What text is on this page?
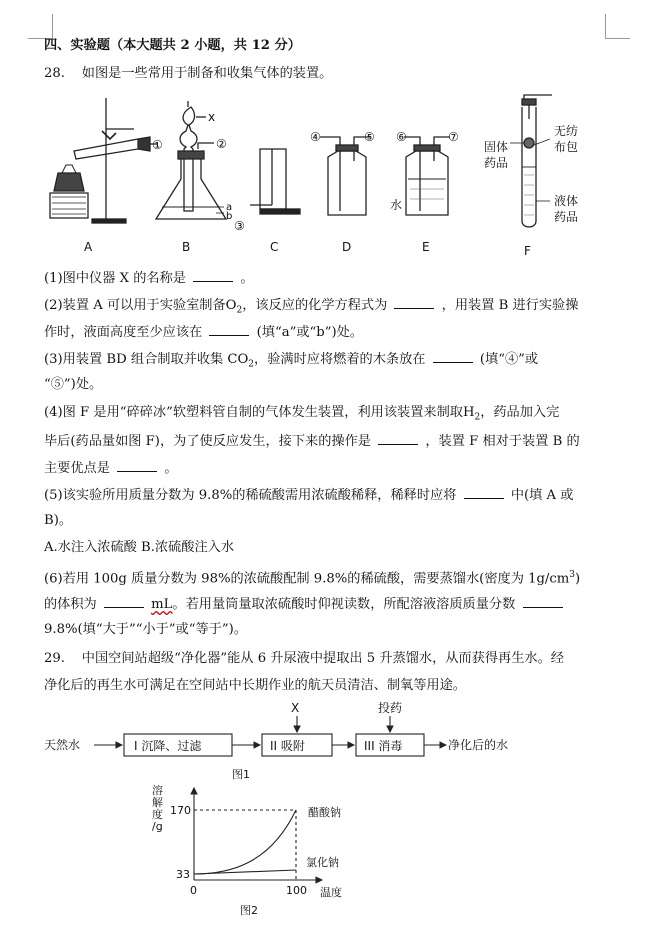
四、实验题（本大题共 2 小题，共 12 分）
28. 如图是一些常用于制备和收集气体的装置。
①
x
②
a
b
③
④	⑤ ⑥	⑦
水
固体
药品
无纺
布包
液体
药品
A	B	C	D	E	F
(1)图中仪器 X 的名称是	。
(2)装置 A 可以用于实验室制备$O_2$，该反应的化学方程式为	，用装置 B 进行实验操
作时，液面高度至少应该在	(填“a”或“b”)处。
(3)用装置 BD 组合制取并收集 $CO_2$，验满时应将燃着的木条放在	(填“④”或
“⑤”)处。
(4)图 F 是用“碎碎冰”软塑料管自制的气体发生装置，利用该装置来制取$H_2$，药品加入完
毕后(药品量如图 F)，为了使反应发生，接下来的操作是	，装置 F 相对于装置 B 的
主要优点是	。
(5)该实验所用质量分数为 9.8%的稀硫酸需用浓硫酸稀释，稀释时应将	中(填 A 或
B)。
A.水注入浓硫酸 B.浓硫酸注入水
(6)若用 100g 质量分数为 98%的浓硫酸配制 9.8%的稀硫酸，需要蒸馏水(密度为 $1g/cm^3$)
的体积为	mL。若用量筒量取浓硫酸时仰视读数，所配溶液溶质质量分数
9.8%(填“大于”“小于”或“等于”)。
29. 中国空间站超级“净化器”能从 6 升尿液中提取出 5 升蒸馏水，从而获得再生水。经
净化后的再生水可满足在空间站中长期作业的航天员清洁、制氧等用途。
天然水	I 沉降、过滤	II 吸附	III 消毒
X	投药
净化后的水
图1
溶
解
度
/g
170
33
0	100 温度
醋酸钠
氯化钠
图2
